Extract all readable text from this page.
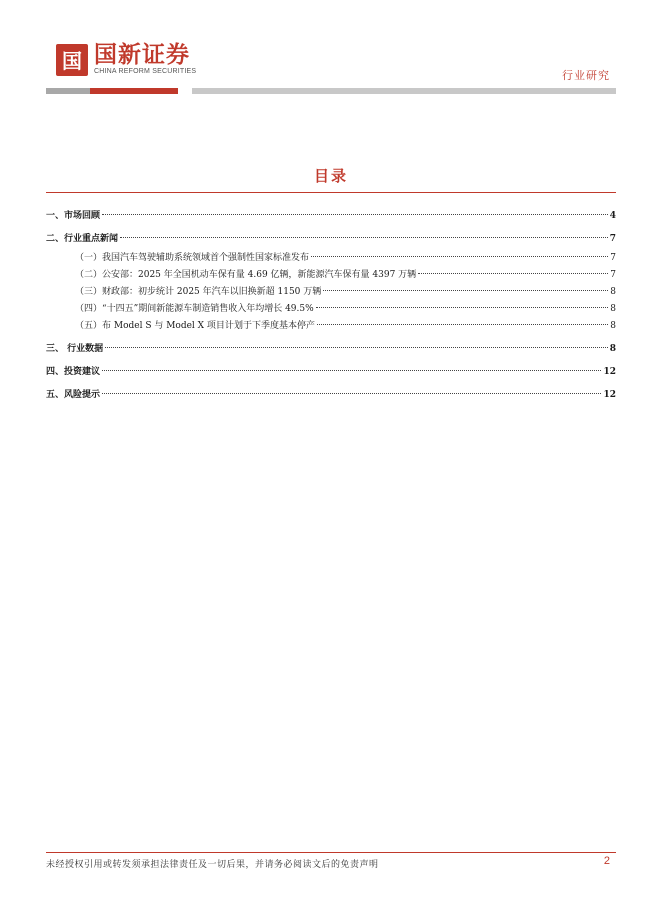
国 国新证券
CHINA REFORM SECURITIES	行业研究
目录
一、市场回顾	4
二、行业重点新闻	7
（一）我国汽车驾驶辅助系统领域首个强制性国家标准发布	7
（二）公安部：2025 年全国机动车保有量 4.69 亿辆，新能源汽车保有量 4397 万辆	7
（三）财政部：初步统计 2025 年汽车以旧换新超 1150 万辆	8
（四）“十四五”期间新能源车制造销售收入年均增长 49.5%	8
（五）布 Model S 与 Model X 项目计划于下季度基本停产	8
三、 行业数据	8
四、投资建议	12
五、风险提示	12
未经授权引用或转发须承担法律责任及一切后果，并请务必阅读文后的免责声明	2
